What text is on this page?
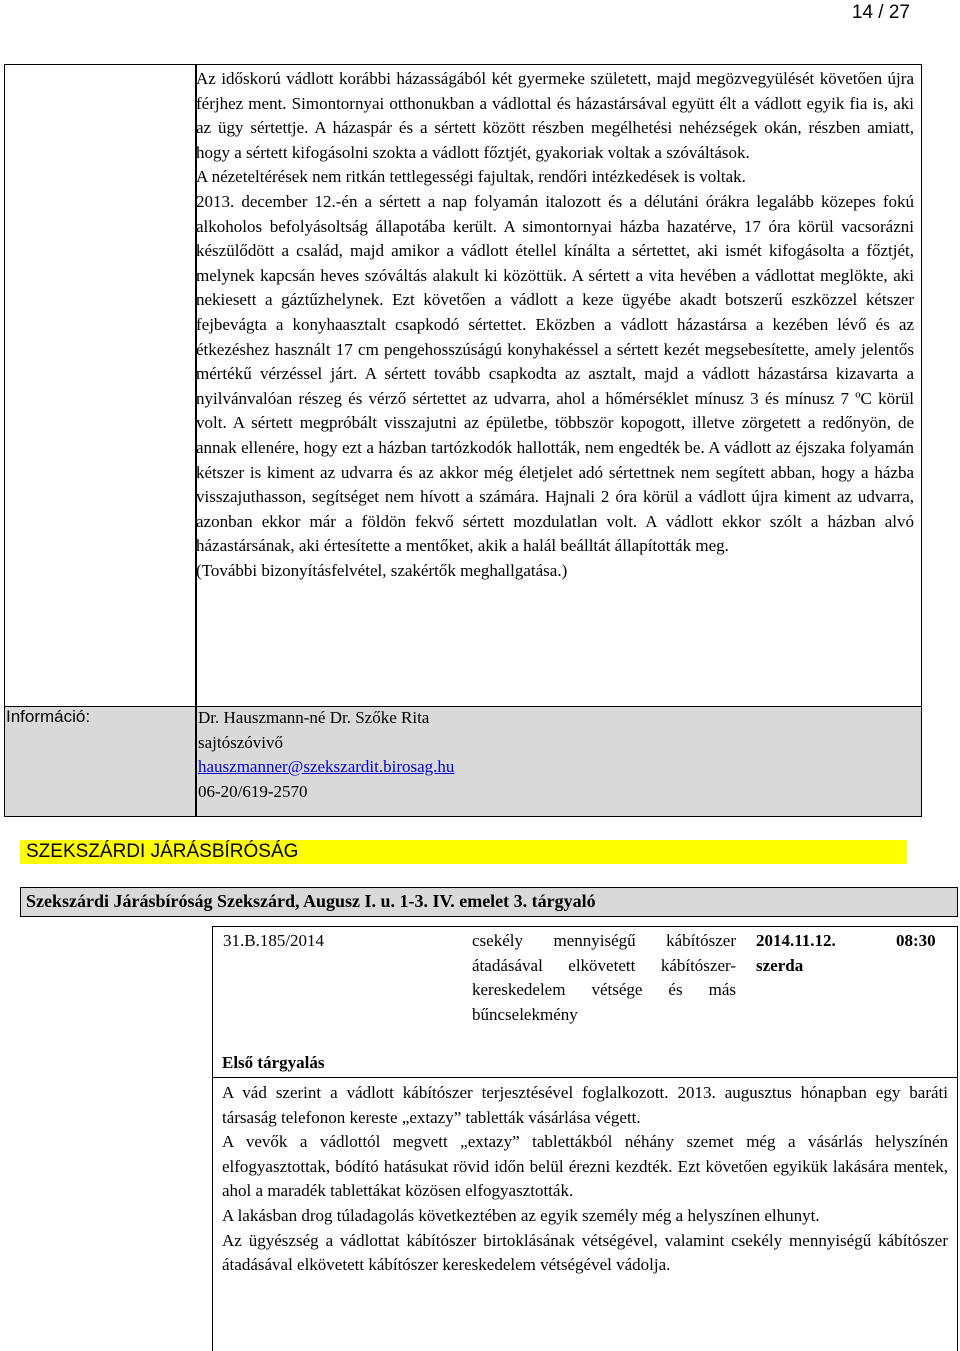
14 / 27
Információ:

Az időskorú vádlott korábbi házasságából két gyermeke született, majd megözvegyülését követően újra férjhez ment. Simontornyai otthonukban a vádlottal és házastársával együtt élt a vádlott egyik fia is, aki az ügy sértettje. A házaspár és a sértett között részben megélhetési nehézségek okán, részben amiatt, hogy a sértett kifogásolni szokta a vádlott főztjét, gyakoriak voltak a szóváltások.

A nézeteltérések nem ritkán tettlegességi fajultak, rendőri intézkedések is voltak.

2013. december 12.-én a sértett a nap folyamán italozott és a délutáni órákra legalább közepes fokú alkoholos befolyásoltság állapotába került. A simontornyai házba hazatérve, 17 óra körül vacsorázni készülődött a család, majd amikor a vádlott étellel kínálta a sértettet, aki ismét kifogásolta a főztjét, melynek kapcsán heves szóváltás alakult ki közöttük. A sértett a vita hevében a vádlottat meglökte, aki nekiesett a gáztűzhelynek. Ezt követően a vádlott a keze ügyébe akadt botszerű eszközzel kétszer fejbevágta a konyhaasztalt csapkodó sértettet. Eközben a vádlott házastársa a kezében lévő és az étkezéshez használt 17 cm pengehosszúságú konyhakéssel a sértett kezét megsebesítette, amely jelentős mértékű vérzéssel járt. A sértett tovább csapkodta az asztalt, majd a vádlott házastársa kizavarta a nyilvánvalóan részeg és vérző sértettet az udvarra, ahol a hőmérséklet mínusz 3 és mínusz 7 ºC körül volt. A sértett megpróbált visszajutni az épületbe, többször kopogott, illetve zörgetett a redőnyön, de annak ellenére, hogy ezt a házban tartózkodók hallották, nem engedték be. A vádlott az éjszaka folyamán kétszer is kiment az udvarra és az akkor még életjelet adó sértettnek nem segített abban, hogy a házba visszajuthasson, segítséget nem hívott a számára. Hajnali 2 óra körül a vádlott újra kiment az udvarra, azonban ekkor már a földön fekvő sértett mozdulatlan volt. A vádlott ekkor szólt a házban alvó házastársának, aki értesítette a mentőket, akik a halál beálltát állapították meg.

(További bizonyításfelvétel, szakértők meghallgatása.)

Dr. Hauszmann-né Dr. Szőke Rita
sajtószóvivő
hauszmanner@szekszardit.birosag.hu
06-20/619-2570
SZEKSZÁRDI JÁRÁSBÍRÓSÁG
Szekszárdi Járásbíróság Szekszárd, Augusz I. u. 1-3. IV. emelet 3. tárgyaló
31.B.185/2014	csekély mennyiségű kábítószer átadásával elkövetett kábítószer-kereskedelem vétsége és más bűncselekmény
2014.11.12. szerda
08:30
Első tárgyalás

A vád szerint a vádlott kábítószer terjesztésével foglalkozott. 2013. augusztus hónapban egy baráti társaság telefonon kereste „extazy” tabletták vásárlása végett.

A vevők a vádlottól megvett „extazy” tablettákból néhány szemet még a vásárlás helyszínén elfogyasztottak, bódító hatásukat rövid időn belül érezni kezdték. Ezt követően egyikük lakására mentek, ahol a maradék tablettákat közösen elfogyasztották.

A lakásban drog túladagolás következtében az egyik személy még a helyszínen elhunyt.

Az ügyészség a vádlottat kábítószer birtoklásának vétségével, valamint csekély mennyiségű kábítószer átadásával elkövetett kábítószer kereskedelem vétségével vádolja.
